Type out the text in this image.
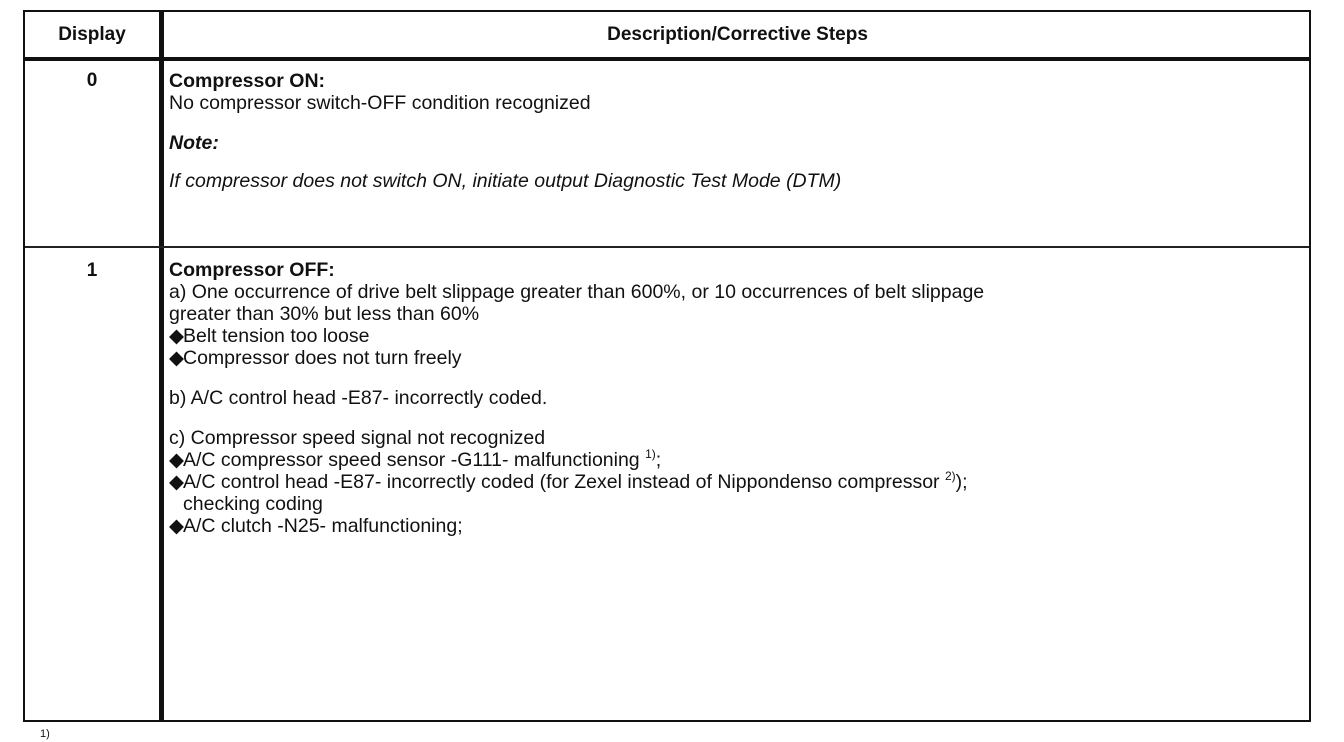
Display	Description/Corrective Steps
0	Compressor ON:
No compressor switch-OFF condition recognized
Note:
If compressor does not switch ON, initiate output Diagnostic Test Mode (DTM)
1	Compressor OFF:
a) One occurrence of drive belt slippage greater than 600%, or 10 occurrences of belt slippage
greater than 30% but less than 60%
◆Belt tension too loose
◆Compressor does not turn freely
b) A/C control head -E87- incorrectly coded.
c) Compressor speed signal not recognized
◆A/C compressor speed sensor -G111- malfunctioning $^{1)}$;
◆A/C control head -E87- incorrectly coded (for Zexel instead of Nippondenso compressor $^{2)}$);
checking coding
◆A/C clutch -N25- malfunctioning;
1)
